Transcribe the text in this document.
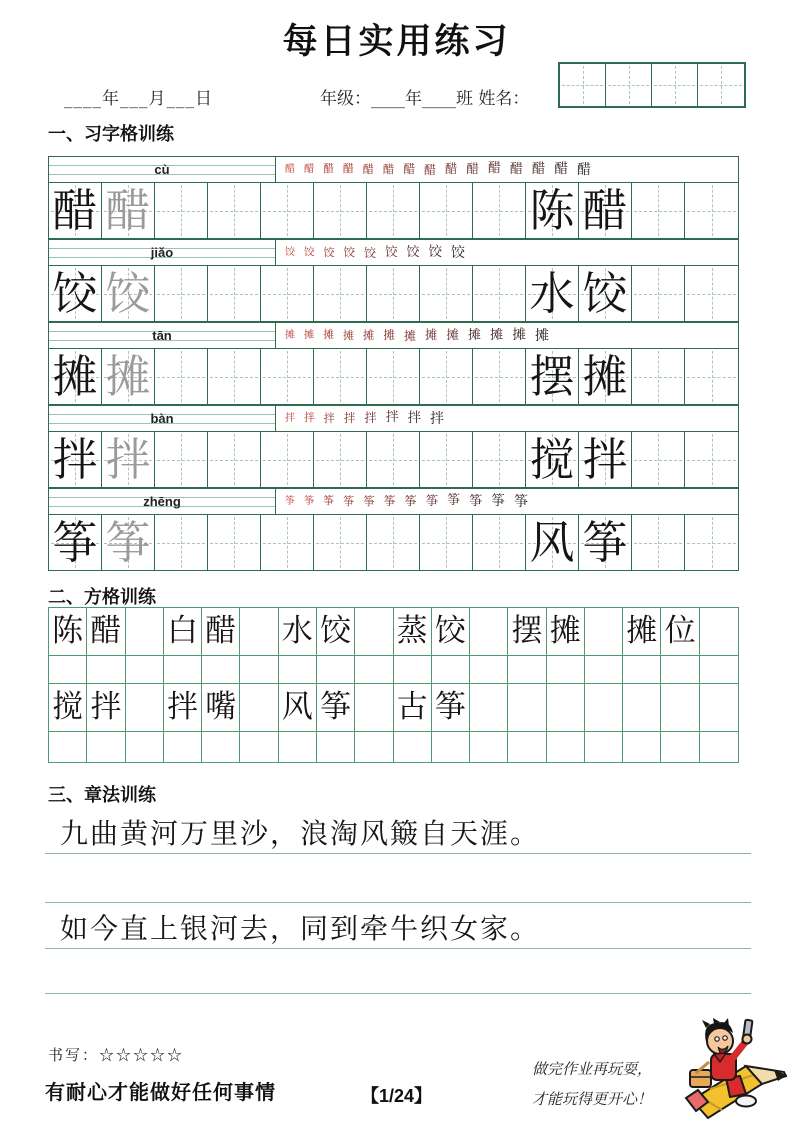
每日实用练习
____年___月___日	年级：____年____班 姓名：
一、习字格训练
cù	醋 醋 醋 醋 醋 醋 醋 醋 醋 醋 醋 醋 醋 醋 醋
醋 醋	陈 醋
jiǎo	饺 饺 饺 饺 饺 饺 饺 饺 饺
饺 饺	水 饺
tān	摊 摊 摊 摊 摊 摊 摊 摊 摊 摊 摊 摊 摊
摊 摊	摆 摊
bàn	拌 拌 拌 拌 拌 拌 拌 拌
拌 拌	搅 拌
zhēng	筝 筝 筝 筝 筝 筝 筝 筝 筝 筝 筝 筝
筝 筝	风 筝
二、方格训练
陈 醋 白 醋 水 饺 蒸 饺 摆 摊 摊 位
搅 拌 拌 嘴 风 筝 古 筝
三、章法训练
九曲黄河万里沙，浪淘风簸自天涯。
如今直上银河去，同到牵牛织女家。
书写：☆☆☆☆☆
有耐心才能做好任何事情	【1/24】
做完作业再玩耍，
才能玩得更开心！
